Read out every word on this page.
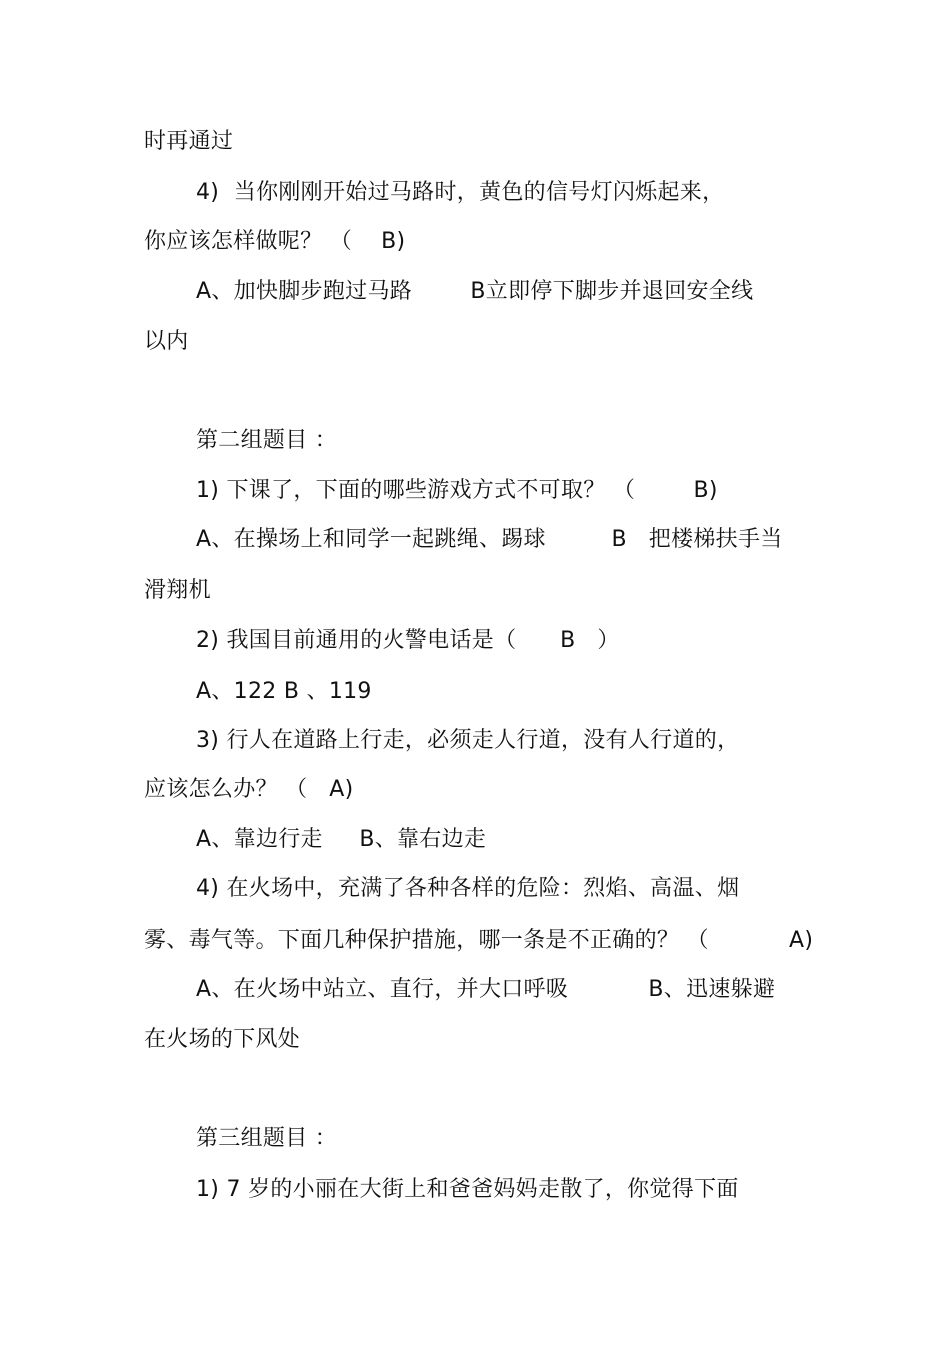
时再通过
4)  当你刚刚开始过马路时，黄色的信号灯闪烁起来，
你应该怎样做呢？ （    B)
A、加快脚步跑过马路        B立即停下脚步并退回安全线
以内
第二组题目 ：
1) 下课了，下面的哪些游戏方式不可取？ （        B)
A、在操场上和同学一起跳绳、踢球         B   把楼梯扶手当
滑翔机
2) 我国目前通用的火警电话是（      B   ）
A、122 B 、119
3) 行人在道路上行走，必须走人行道，没有人行道的，
应该怎么办？ （   A)
A、靠边行走     B、靠右边走
4) 在火场中，充满了各种各样的危险：烈焰、高温、烟
雾、毒气等。下面几种保护措施，哪一条是不正确的？ （           A)
A、在火场中站立、直行，并大口呼吸           B、迅速躲避
在火场的下风处
第三组题目 ：
1) 7 岁的小丽在大街上和爸爸妈妈走散了，你觉得下面
